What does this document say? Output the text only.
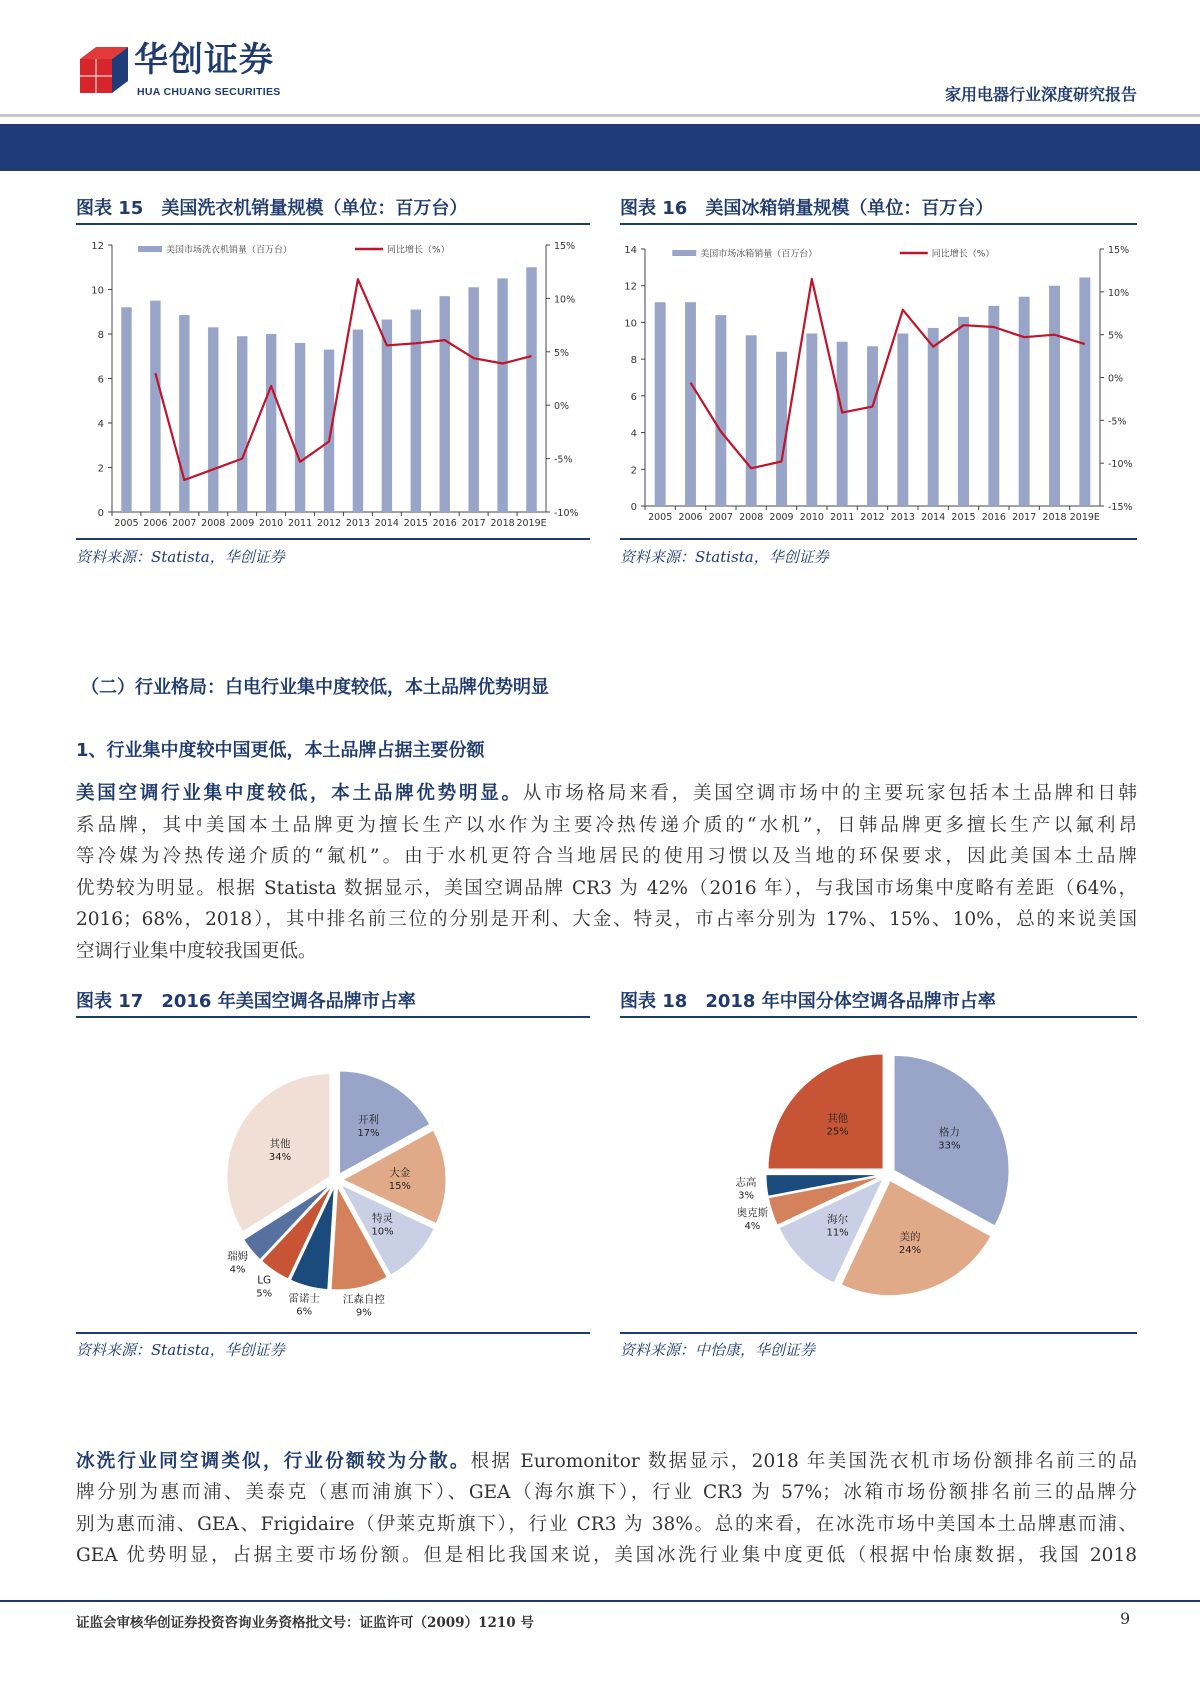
华创证券
HUA CHUANG SECURITIES	家用电器行业深度研究报告
图表 15 美国洗衣机销量规模（单位：百万台）
0
2
4
6
8
10
12
-10%
-5%
0%
5%
10%
15%
2005 2006 2007 2008 2009 2010 2011 2012 2013 2014 2015 2016 2017 2018 2019E
美国市场洗衣机销量（百万台）	同比增长（%）
资料来源：Statista，华创证券
图表 16 美国冰箱销量规模（单位：百万台）
0
2
4
6
8
10
12
14
-15%
-10%
-5%
0%
5%
10%
15%
2005 2006 2007 2008 2009 2010 2011 2012 2013 2014 2015 2016 2017 2018 2019E
美国市场冰箱销量（百万台）	同比增长（%）
资料来源：Statista，华创证券
（二）行业格局：白电行业集中度较低，本土品牌优势明显
1、行业集中度较中国更低，本土品牌占据主要份额
美国空调行业集中度较低，本土品牌优势明显。从市场格局来看，美国空调市场中的主要玩家包括本土品牌和日韩
系品牌，其中美国本土品牌更为擅长生产以水作为主要冷热传递介质的“水机”，日韩品牌更多擅长生产以氟利昂
等冷媒为冷热传递介质的“氟机”。由于水机更符合当地居民的使用习惯以及当地的环保要求，因此美国本土品牌
优势较为明显。根据 Statista 数据显示，美国空调品牌 CR3 为 42%（2016 年），与我国市场集中度略有差距（64%，
2016；68%，2018），其中排名前三位的分别是开利、大金、特灵，市占率分别为 17%、15%、10%，总的来说美国
空调行业集中度较我国更低。
图表 17 2016 年美国空调各品牌市占率
开利
17%
大金
15%
特灵
10%
江森自控
9%
雷诺士
6%
LG
5%
瑞姆
4%
其他
34%
资料来源：Statista，华创证券
图表 18 2018 年中国分体空调各品牌市占率
格力
33%
美的
24%
海尔
11%
奥克斯
4%
志高
3%
其他
25%
资料来源：中怡康，华创证券
冰洗行业同空调类似，行业份额较为分散。根据 Euromonitor 数据显示，2018 年美国洗衣机市场份额排名前三的品
牌分别为惠而浦、美泰克（惠而浦旗下）、GEA（海尔旗下），行业 CR3 为 57%；冰箱市场份额排名前三的品牌分
别为惠而浦、GEA、Frigidaire（伊莱克斯旗下），行业 CR3 为 38%。总的来看，在冰洗市场中美国本土品牌惠而浦、
GEA 优势明显，占据主要市场份额。但是相比我国来说，美国冰洗行业集中度更低（根据中怡康数据，我国 2018
证监会审核华创证券投资咨询业务资格批文号：证监许可（2009）1210 号	9
